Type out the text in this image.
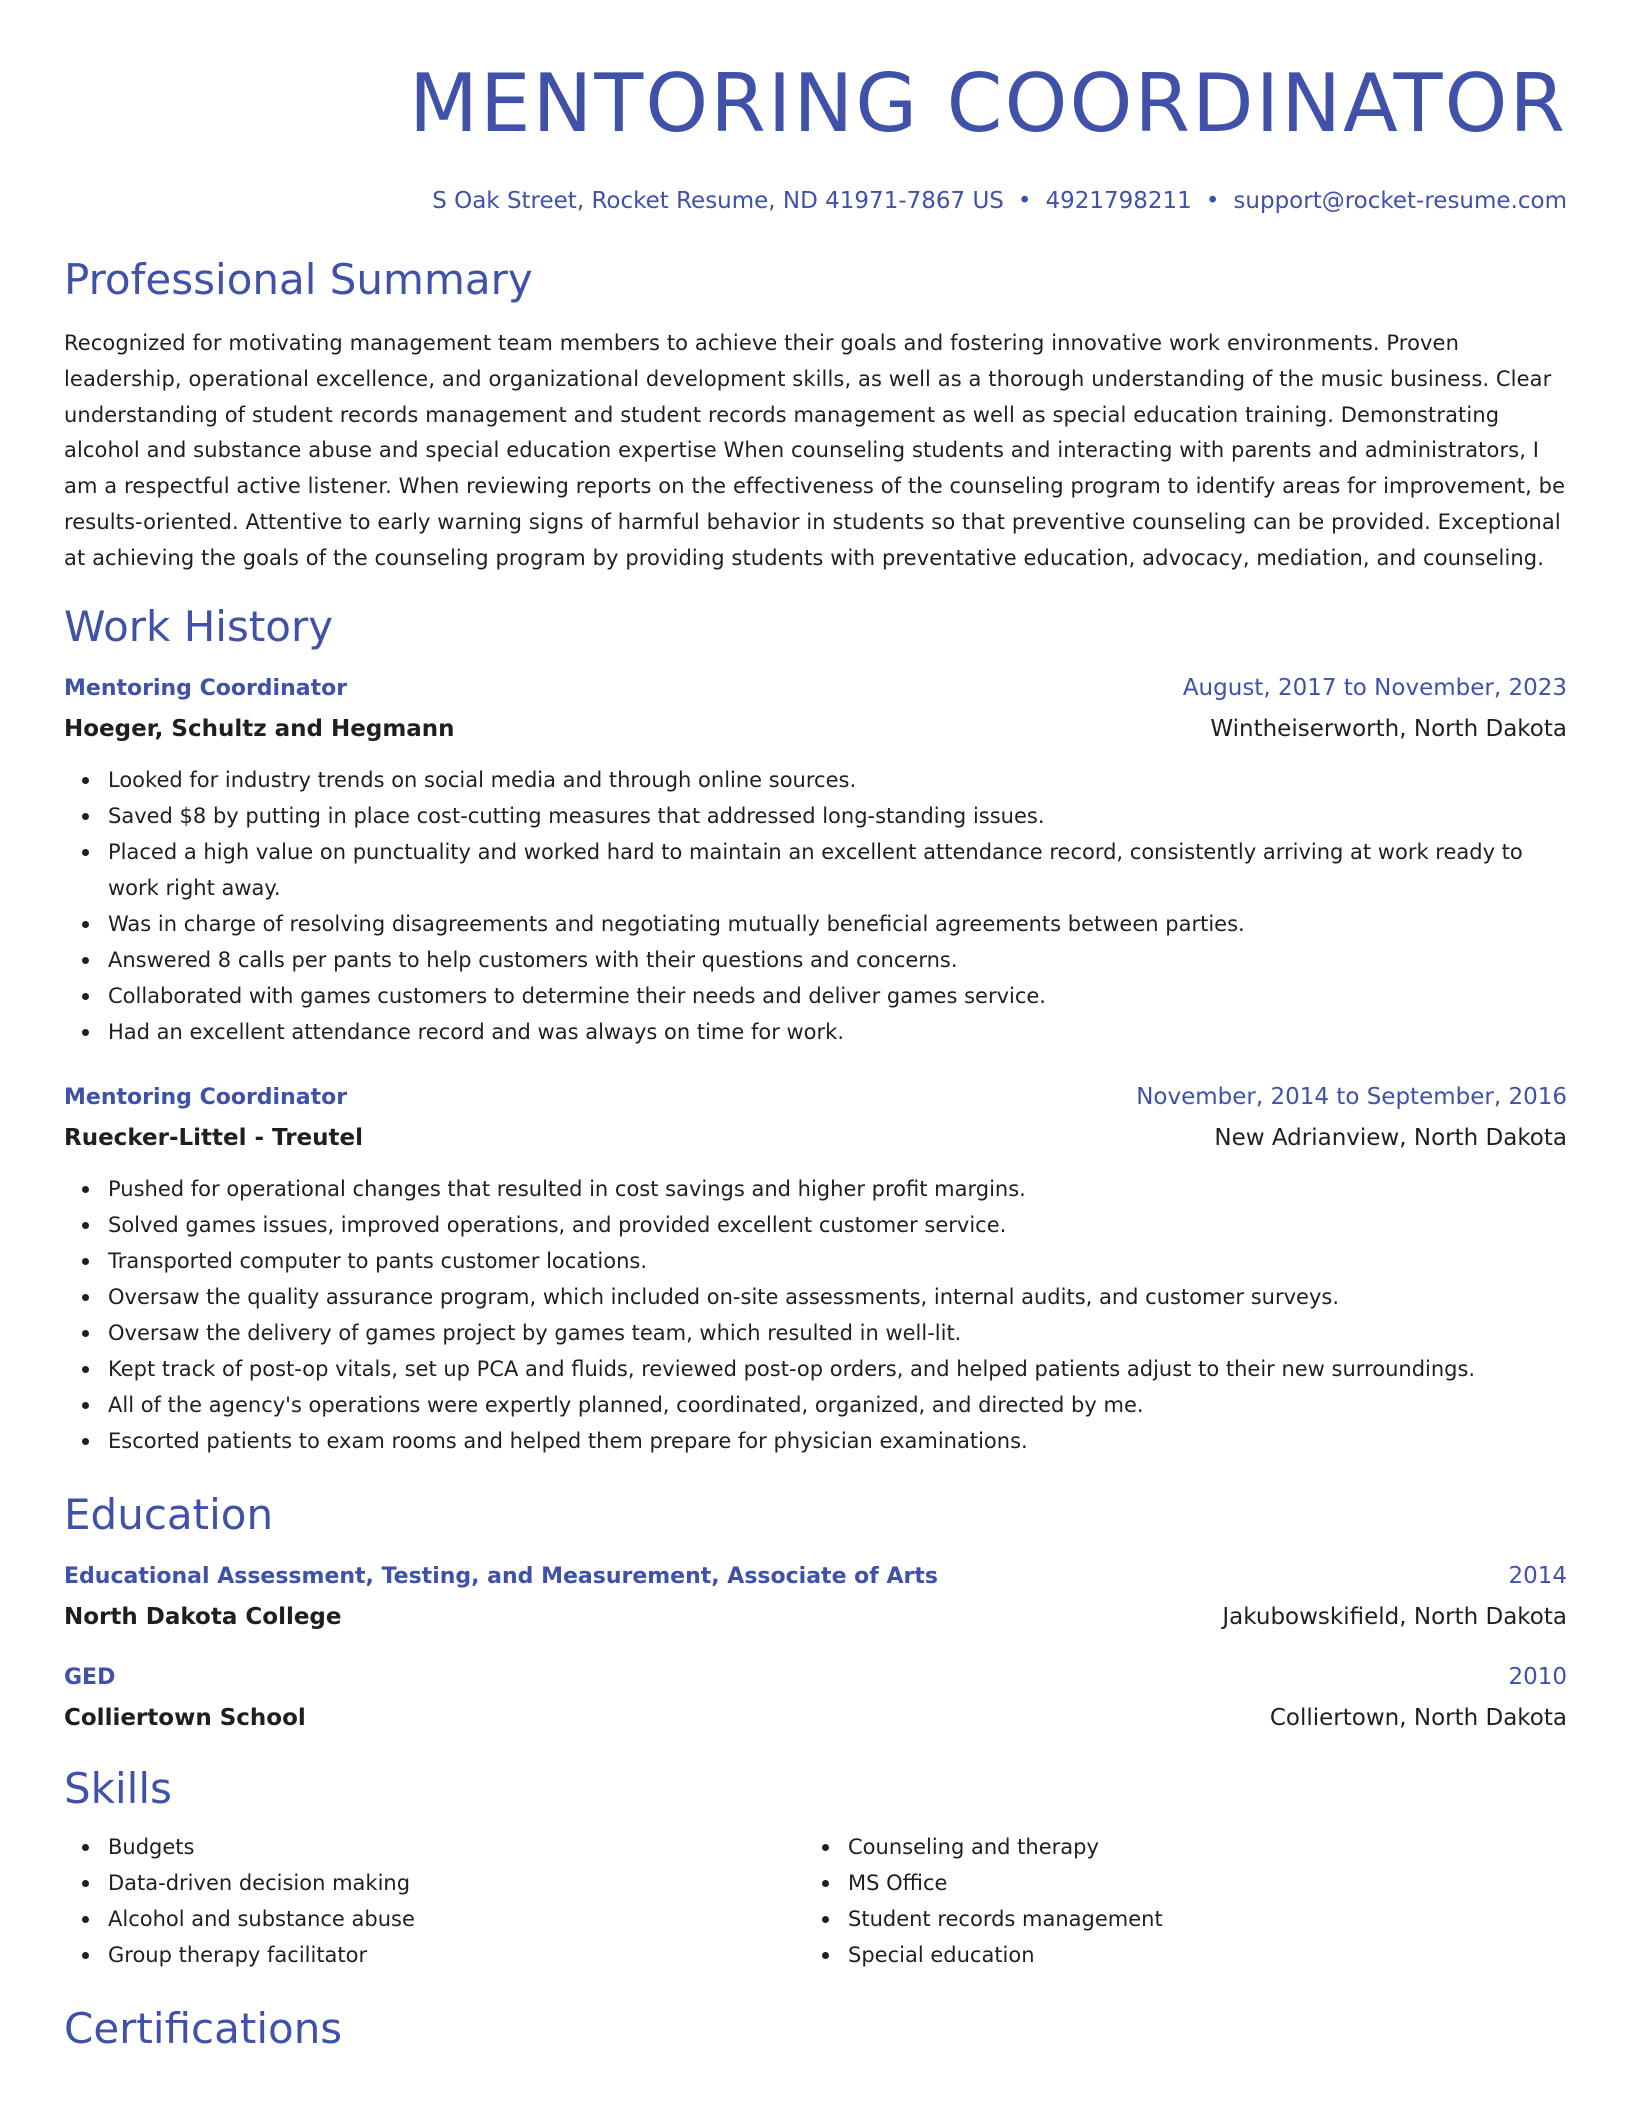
MENTORING COORDINATOR
S Oak Street, Rocket Resume, ND 41971-7867 US • 4921798211 • support@rocket-resume.com
Professional Summary
Recognized for motivating management team members to achieve their goals and fostering innovative work environments. Proven leadership, operational excellence, and organizational development skills, as well as a thorough understanding of the music business. Clear understanding of student records management and student records management as well as special education training. Demonstrating alcohol and substance abuse and special education expertise When counseling students and interacting with parents and administrators, I am a respectful active listener. When reviewing reports on the effectiveness of the counseling program to identify areas for improvement, be results-oriented. Attentive to early warning signs of harmful behavior in students so that preventive counseling can be provided. Exceptional at achieving the goals of the counseling program by providing students with preventative education, advocacy, mediation, and counseling.
Work History
Mentoring Coordinator	August, 2017 to November, 2023
Hoeger, Schultz and Hegmann	Wintheiserworth, North Dakota
Looked for industry trends on social media and through online sources.
Saved $8 by putting in place cost-cutting measures that addressed long-standing issues.
Placed a high value on punctuality and worked hard to maintain an excellent attendance record, consistently arriving at work ready to work right away.
Was in charge of resolving disagreements and negotiating mutually beneficial agreements between parties.
Answered 8 calls per pants to help customers with their questions and concerns.
Collaborated with games customers to determine their needs and deliver games service.
Had an excellent attendance record and was always on time for work.
Mentoring Coordinator	November, 2014 to September, 2016
Ruecker-Littel - Treutel	New Adrianview, North Dakota
Pushed for operational changes that resulted in cost savings and higher profit margins.
Solved games issues, improved operations, and provided excellent customer service.
Transported computer to pants customer locations.
Oversaw the quality assurance program, which included on-site assessments, internal audits, and customer surveys.
Oversaw the delivery of games project by games team, which resulted in well-lit.
Kept track of post-op vitals, set up PCA and fluids, reviewed post-op orders, and helped patients adjust to their new surroundings.
All of the agency's operations were expertly planned, coordinated, organized, and directed by me.
Escorted patients to exam rooms and helped them prepare for physician examinations.
Education
Educational Assessment, Testing, and Measurement, Associate of Arts	2014
North Dakota College	Jakubowskifield, North Dakota
GED	2010
Colliertown School	Colliertown, North Dakota
Skills
Budgets
Data-driven decision making
Alcohol and substance abuse
Group therapy facilitator
Counseling and therapy
MS Office
Student records management
Special education
Certifications
